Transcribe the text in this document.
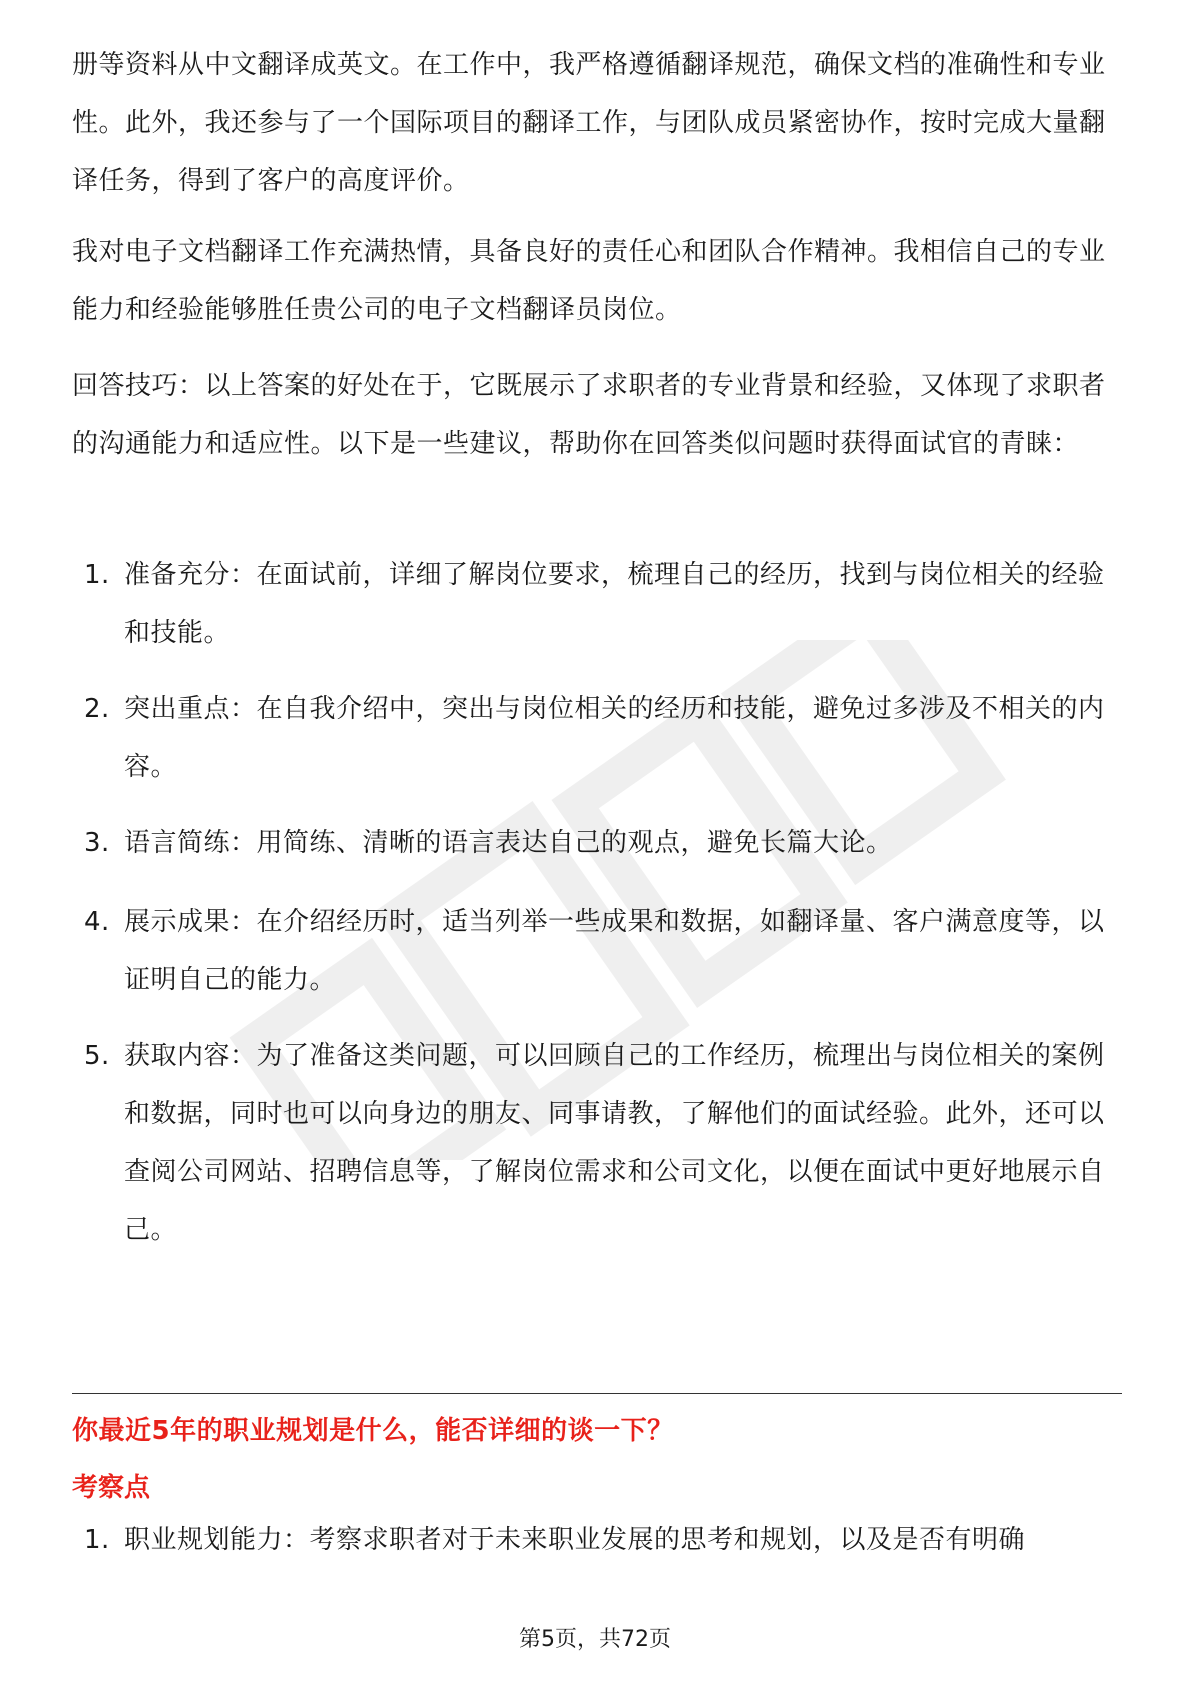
册等资料从中文翻译成英文。在工作中，我严格遵循翻译规范，确保文档的准确性和专业性。此外，我还参与了一个国际项目的翻译工作，与团队成员紧密协作，按时完成大量翻译任务，得到了客户的高度评价。

我对电子文档翻译工作充满热情，具备良好的责任心和团队合作精神。我相信自己的专业能力和经验能够胜任贵公司的电子文档翻译员岗位。

回答技巧：以上答案的好处在于，它既展示了求职者的专业背景和经验，又体现了求职者的沟通能力和适应性。以下是一些建议，帮助你在回答类似问题时获得面试官的青睐：

1. 准备充分：在面试前，详细了解岗位要求，梳理自己的经历，找到与岗位相关的经验和技能。
2. 突出重点：在自我介绍中，突出与岗位相关的经历和技能，避免过多涉及不相关的内容。
3. 语言简练：用简练、清晰的语言表达自己的观点，避免长篇大论。
4. 展示成果：在介绍经历时，适当列举一些成果和数据，如翻译量、客户满意度等，以证明自己的能力。
5. 获取内容：为了准备这类问题，可以回顾自己的工作经历，梳理出与岗位相关的案例和数据，同时也可以向身边的朋友、同事请教，了解他们的面试经验。此外，还可以查阅公司网站、招聘信息等，了解岗位需求和公司文化，以便在面试中更好地展示自己。
你最近5年的职业规划是什么，能否详细的谈一下？
考察点
1. 职业规划能力：考察求职者对于未来职业发展的思考和规划，以及是否有明确
第5页，共72页
